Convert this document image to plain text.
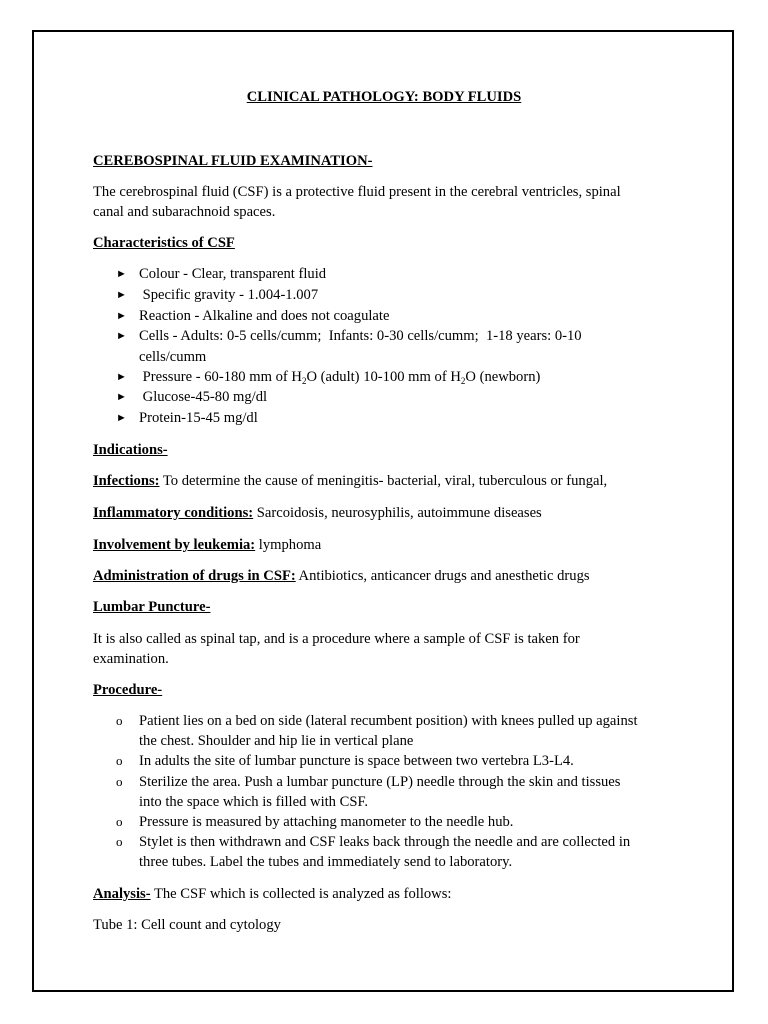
CLINICAL PATHOLOGY: BODY FLUIDS
CEREBOSPINAL FLUID EXAMINATION-
The cerebrospinal fluid (CSF) is a protective fluid present in the cerebral ventricles, spinal
canal and subarachnoid spaces.
Characteristics of CSF
► Colour - Clear, transparent fluid
► Specific gravity - 1.004-1.007
► Reaction - Alkaline and does not coagulate
► Cells - Adults: 0-5 cells/cumm;  Infants: 0-30 cells/cumm;  1-18 years: 0-10
cells/cumm
► Pressure - 60-180 mm of $H_2O$ (adult) 10-100 mm of $H_2O$ (newborn)
► Glucose-45-80 mg/dl
► Protein-15-45 mg/dl
Indications-
Infections: To determine the cause of meningitis- bacterial, viral, tuberculous or fungal,
Inflammatory conditions: Sarcoidosis, neurosyphilis, autoimmune diseases
Involvement by leukemia: lymphoma
Administration of drugs in CSF: Antibiotics, anticancer drugs and anesthetic drugs
Lumbar Puncture-
It is also called as spinal tap, and is a procedure where a sample of CSF is taken for
examination.
Procedure-
o Patient lies on a bed on side (lateral recumbent position) with knees pulled up against
the chest. Shoulder and hip lie in vertical plane
o In adults the site of lumbar puncture is space between two vertebra L3-L4.
o Sterilize the area. Push a lumbar puncture (LP) needle through the skin and tissues
into the space which is filled with CSF.
o Pressure is measured by attaching manometer to the needle hub.
o Stylet is then withdrawn and CSF leaks back through the needle and are collected in
three tubes. Label the tubes and immediately send to laboratory.
Analysis- The CSF which is collected is analyzed as follows:
Tube 1: Cell count and cytology
